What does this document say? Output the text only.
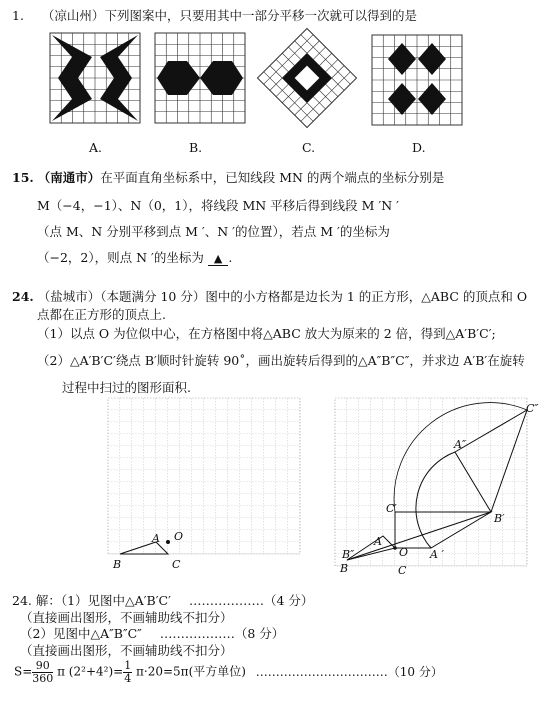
1. （凉山州）下列图案中，只要用其中一部分平移一次就可以得到的是
A.	B.	C.	D.
15. （南通市）在平面直角坐标系中，已知线段 MN 的两个端点的坐标分别是
M（−4，−1）、N（0，1），将线段 MN 平移后得到线段 M ′N ′
（点 M、N 分别平移到点 M ′、N ′的位置），若点 M ′的坐标为
（−2，2），则点 N ′的坐标为 ▲ .
24. （盐城市）（本题满分 10 分）图中的小方格都是边长为 1 的正方形，△ABC 的顶点和 O
点都在正方形的顶点上.
（1）以点 O 为位似中心，在方格图中将△ABC 放大为原来的 2 倍，得到△A′B′C′;
（2）△A′B′C′绕点 B′顺时针旋转 90˚，画出旋转后得到的△A″B″C″，并求边 A′B′在旋转
过程中扫过的图形面积.
A O
B	C
C″
A″
C′
B′
A
O A ′
B	C
B″
24. 解：（1）见图中△A′B′C′ ………………（4 分）
（直接画出图形，不画辅助线不扣分）
（2）见图中△A″B″C″ ………………（8 分）
（直接画出图形，不画辅助线不扣分）
$S= \frac{90}{360}$ π $(2^2+4^2)= \frac{1}{4} \pi\cdot 20=5\pi$(平方单位) ……………………………（10 分）
